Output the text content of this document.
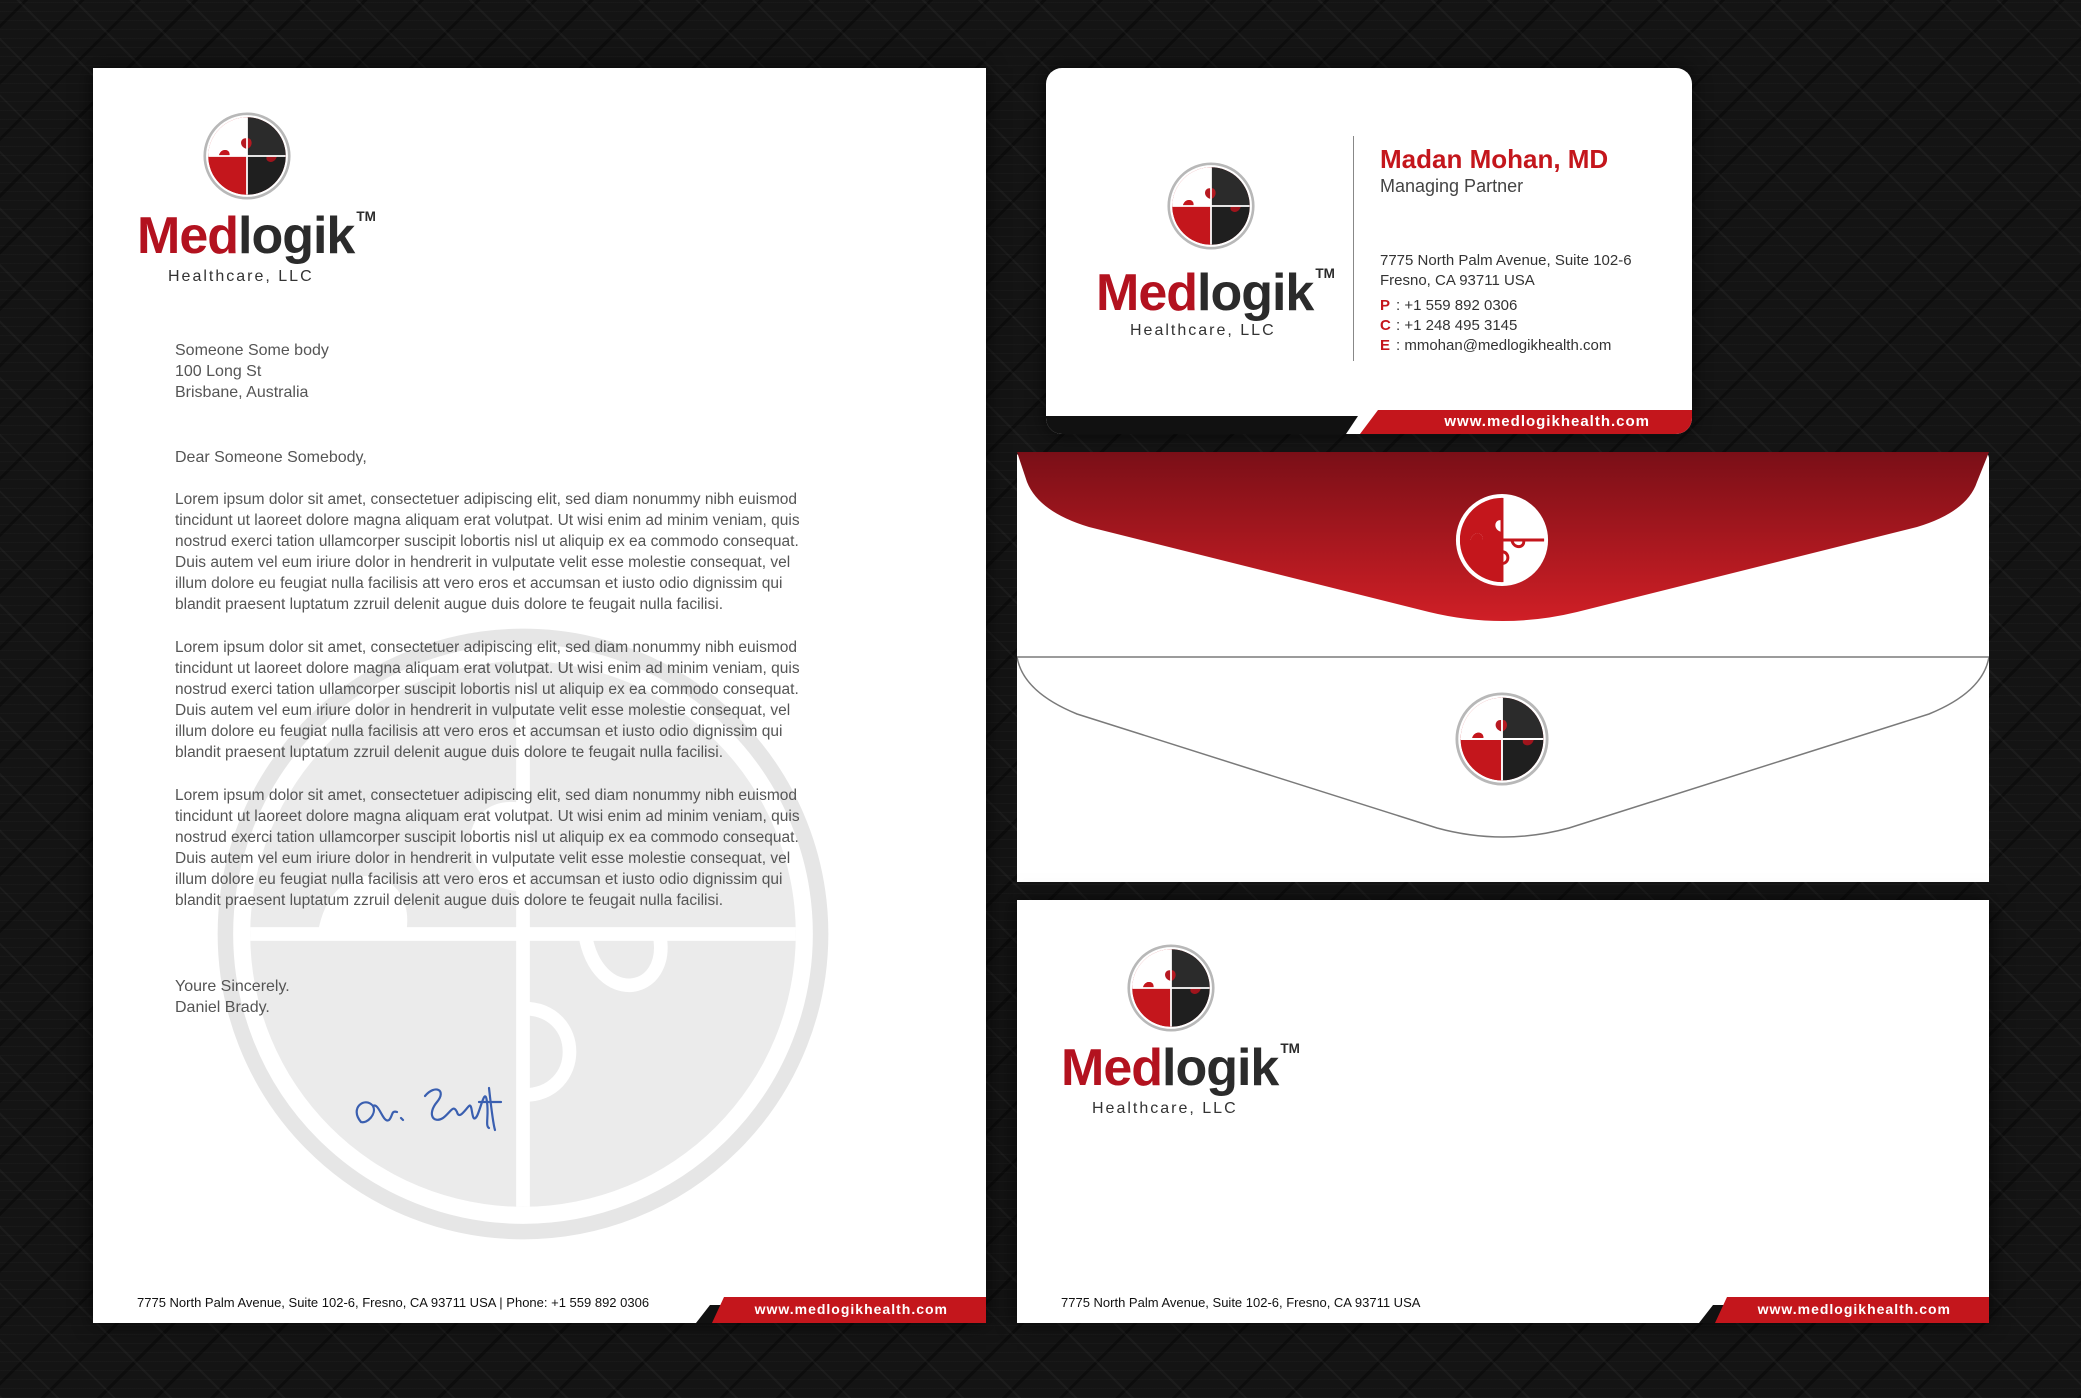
Medlogik ™
Healthcare, LLC

Someone Some body

100 Long St

Brisbane, Australia

Dear Someone Somebody,
Lorem ipsum dolor sit amet, consectetuer adipiscing elit, sed diam nonummy nibh euismod
tincidunt ut laoreet dolore magna aliquam erat volutpat. Ut wisi enim ad minim veniam, quis
nostrud exerci tation ullamcorper suscipit lobortis nisl ut aliquip ex ea commodo consequat.
Duis autem vel eum iriure dolor in hendrerit in vulputate velit esse molestie consequat, vel
illum dolore eu feugiat nulla facilisis att vero eros et accumsan et iusto odio dignissim qui
blandit praesent luptatum zzruil delenit augue duis dolore te feugait nulla facilisi.
Lorem ipsum dolor sit amet, consectetuer adipiscing elit, sed diam nonummy nibh euismod
tincidunt ut laoreet dolore magna aliquam erat volutpat. Ut wisi enim ad minim veniam, quis
nostrud exerci tation ullamcorper suscipit lobortis nisl ut aliquip ex ea commodo consequat.
Duis autem vel eum iriure dolor in hendrerit in vulputate velit esse molestie consequat, vel
illum dolore eu feugiat nulla facilisis att vero eros et accumsan et iusto odio dignissim qui
blandit praesent luptatum zzruil delenit augue duis dolore te feugait nulla facilisi.
Lorem ipsum dolor sit amet, consectetuer adipiscing elit, sed diam nonummy nibh euismod
tincidunt ut laoreet dolore magna aliquam erat volutpat. Ut wisi enim ad minim veniam, quis
nostrud exerci tation ullamcorper suscipit lobortis nisl ut aliquip ex ea commodo consequat.
Duis autem vel eum iriure dolor in hendrerit in vulputate velit esse molestie consequat, vel
illum dolore eu feugiat nulla facilisis att vero eros et accumsan et iusto odio dignissim qui
blandit praesent luptatum zzruil delenit augue duis dolore te feugait nulla facilisi.

Youre Sincerely.

Daniel Brady.

7775 North Palm Avenue, Suite 102-6, Fresno, CA 93711 USA | Phone: +1 559 892 0306	www.medlogikhealth.com
Medlogik ™
Healthcare, LLC
Madan Mohan, MD
Managing Partner
7775 North Palm Avenue, Suite 102-6
Fresno, CA 93711 USA
P : +1 559 892 0306
C : +1 248 495 3145
E : mmohan@medlogikhealth.com
www.medlogikhealth.com
Medlogik ™
Healthcare, LLC
7775 North Palm Avenue, Suite 102-6, Fresno, CA 93711 USA	www.medlogikhealth.com
